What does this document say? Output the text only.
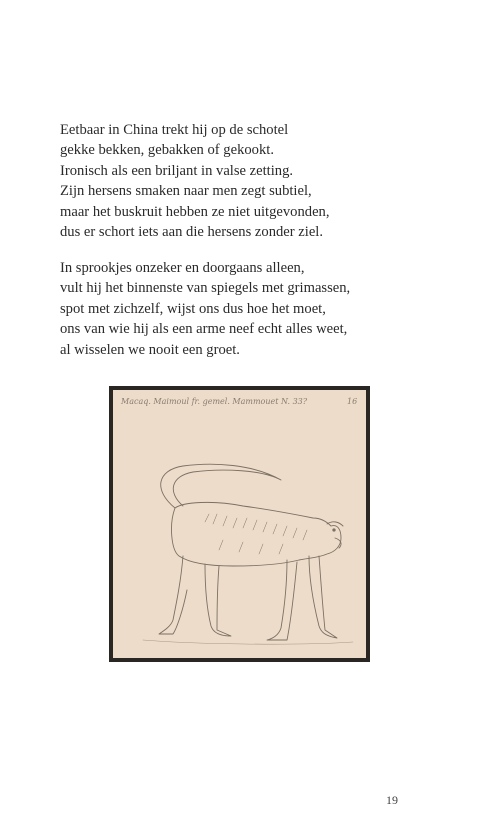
Eetbaar in China trekt hij op de schotel
gekke bekken, gebakken of gekookt.
Ironisch als een briljant in valse zetting.
Zijn hersens smaken naar men zegt subtiel,
maar het buskruit hebben ze niet uitgevonden,
dus er schort iets aan die hersens zonder ziel.

In sprookjes onzeker en doorgaans alleen,
vult hij het binnenste van spiegels met grimassen,
spot met zichzelf, wijst ons dus hoe het moet,
ons van wie hij als een arme neef echt alles weet,
al wisselen we nooit een groet.

Macaq. Maimoul fr. gemel. Mammouet N. 33?	16
19
